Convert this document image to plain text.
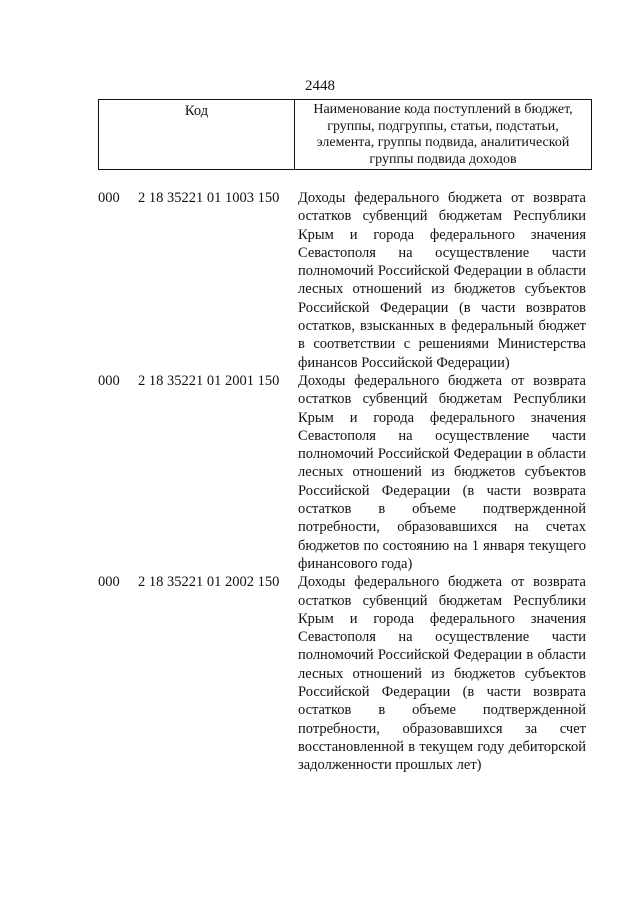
2448
Код	Наименование кода поступлений в бюджет, группы, подгруппы, статьи, подстатьи, элемента, группы подвида, аналитической группы подвида доходов
000	2 18 35221 01 1003 150	Доходы федерального бюджета от возврата остатков субвенций бюджетам Республики Крым и города федерального значения Севастополя на осуществление части полномочий Российской Федерации в области лесных отношений из бюджетов субъектов Российской Федерации (в части возвратов остатков, взысканных в федеральный бюджет в соответствии с решениями Министерства финансов Российской Федерации)
000	2 18 35221 01 2001 150	Доходы федерального бюджета от возврата остатков субвенций бюджетам Республики Крым и города федерального значения Севастополя на осуществление части полномочий Российской Федерации в области лесных отношений из бюджетов субъектов Российской Федерации (в части возврата остатков в объеме подтвержденной потребности, образовавшихся на счетах бюджетов по состоянию на 1 января текущего финансового года)
000	2 18 35221 01 2002 150	Доходы федерального бюджета от возврата остатков субвенций бюджетам Республики Крым и города федерального значения Севастополя на осуществление части полномочий Российской Федерации в области лесных отношений из бюджетов субъектов Российской Федерации (в части возврата остатков в объеме подтвержденной потребности, образовавшихся за счет восстановленной в текущем году дебиторской задолженности прошлых лет)
